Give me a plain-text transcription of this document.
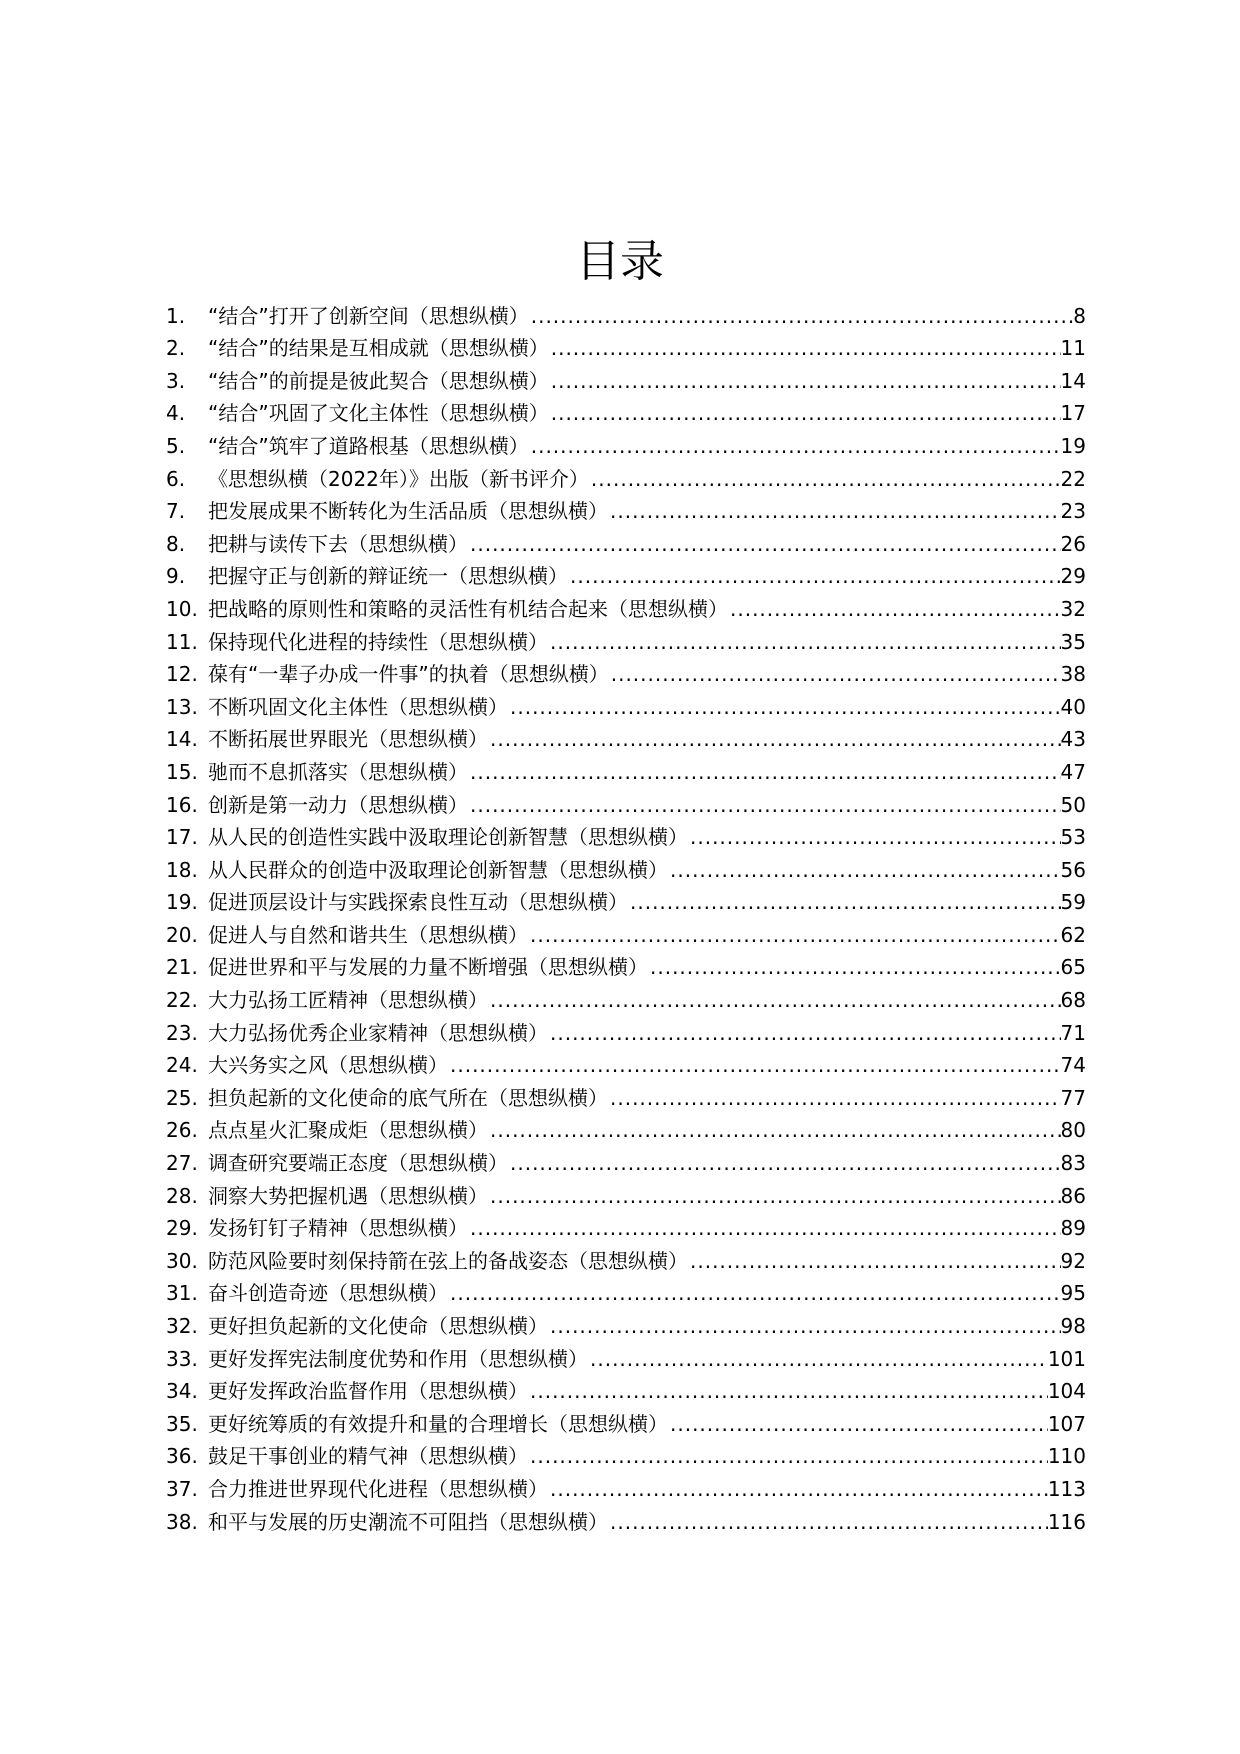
目录
1.	“结合”打开了创新空间（思想纵横） .....	8
2.	“结合”的结果是互相成就（思想纵横） .....	11
3.	“结合”的前提是彼此契合（思想纵横） .....	14
4.	“结合”巩固了文化主体性（思想纵横） .....	17
5.	“结合”筑牢了道路根基（思想纵横） .....	19
6.	《思想纵横（2022年）》出版（新书评介） .....	22
7.	把发展成果不断转化为生活品质（思想纵横） .....	23
8.	把耕与读传下去（思想纵横） .....	26
9.	把握守正与创新的辩证统一（思想纵横） .....	29
10. 把战略的原则性和策略的灵活性有机结合起来（思想纵横） .....	32
11. 保持现代化进程的持续性（思想纵横） .....	35
12. 葆有“一辈子办成一件事”的执着（思想纵横） .....	38
13. 不断巩固文化主体性（思想纵横） .....	40
14. 不断拓展世界眼光（思想纵横） .....	43
15. 驰而不息抓落实（思想纵横） .....	47
16. 创新是第一动力（思想纵横） .....	50
17. 从人民的创造性实践中汲取理论创新智慧（思想纵横） .....	53
18. 从人民群众的创造中汲取理论创新智慧（思想纵横） .....	56
19. 促进顶层设计与实践探索良性互动（思想纵横） .....	59
20. 促进人与自然和谐共生（思想纵横） .....	62
21. 促进世界和平与发展的力量不断增强（思想纵横） .....	65
22. 大力弘扬工匠精神（思想纵横） .....	68
23. 大力弘扬优秀企业家精神（思想纵横） .....	71
24. 大兴务实之风（思想纵横） .....	74
25. 担负起新的文化使命的底气所在（思想纵横） .....	77
26. 点点星火汇聚成炬（思想纵横） .....	80
27. 调查研究要端正态度（思想纵横） .....	83
28. 洞察大势把握机遇（思想纵横） .....	86
29. 发扬钉钉子精神（思想纵横） .....	89
30. 防范风险要时刻保持箭在弦上的备战姿态（思想纵横） .....	92
31. 奋斗创造奇迹（思想纵横） .....	95
32. 更好担负起新的文化使命（思想纵横） .....	98
33. 更好发挥宪法制度优势和作用（思想纵横） .....	101
34. 更好发挥政治监督作用（思想纵横） .....	104
35. 更好统筹质的有效提升和量的合理增长（思想纵横） .....	107
36. 鼓足干事创业的精气神（思想纵横） .....	110
37. 合力推进世界现代化进程（思想纵横） .....	113
38. 和平与发展的历史潮流不可阻挡（思想纵横） .....	116
